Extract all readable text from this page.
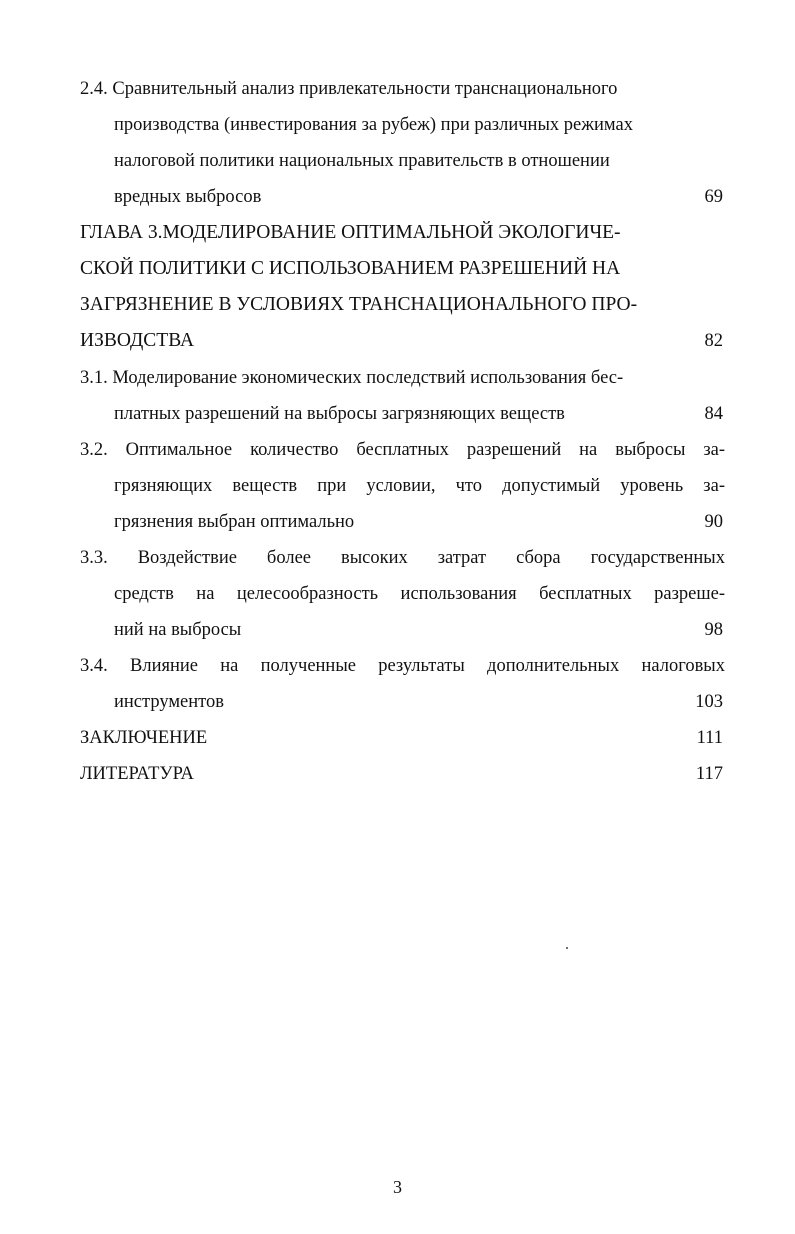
2.4. Сравнительный анализ привлекательности транснационального
производства (инвестирования за рубеж) при различных режимах
налоговой политики национальных правительств в отношении
вредных выбросов	69
ГЛАВА 3.МОДЕЛИРОВАНИЕ ОПТИМАЛЬНОЙ ЭКОЛОГИЧЕ-
СКОЙ ПОЛИТИКИ С ИСПОЛЬЗОВАНИЕМ РАЗРЕШЕНИЙ НА
ЗАГРЯЗНЕНИЕ В УСЛОВИЯХ ТРАНСНАЦИОНАЛЬНОГО ПРО-
ИЗВОДСТВА	82
3.1. Моделирование экономических последствий использования бес-
платных разрешений на выбросы загрязняющих веществ	84
3.2. Оптимальное количество бесплатных разрешений на выбросы за-
грязняющих веществ при условии, что допустимый уровень за-
грязнения выбран оптимально	90
3.3. Воздействие более высоких затрат сбора государственных
средств на целесообразность использования бесплатных разреше-
ний на выбросы	98
3.4. Влияние на полученные результаты дополнительных налоговых
инструментов	103
ЗАКЛЮЧЕНИЕ	111
ЛИТЕРАТУРА	117
3
